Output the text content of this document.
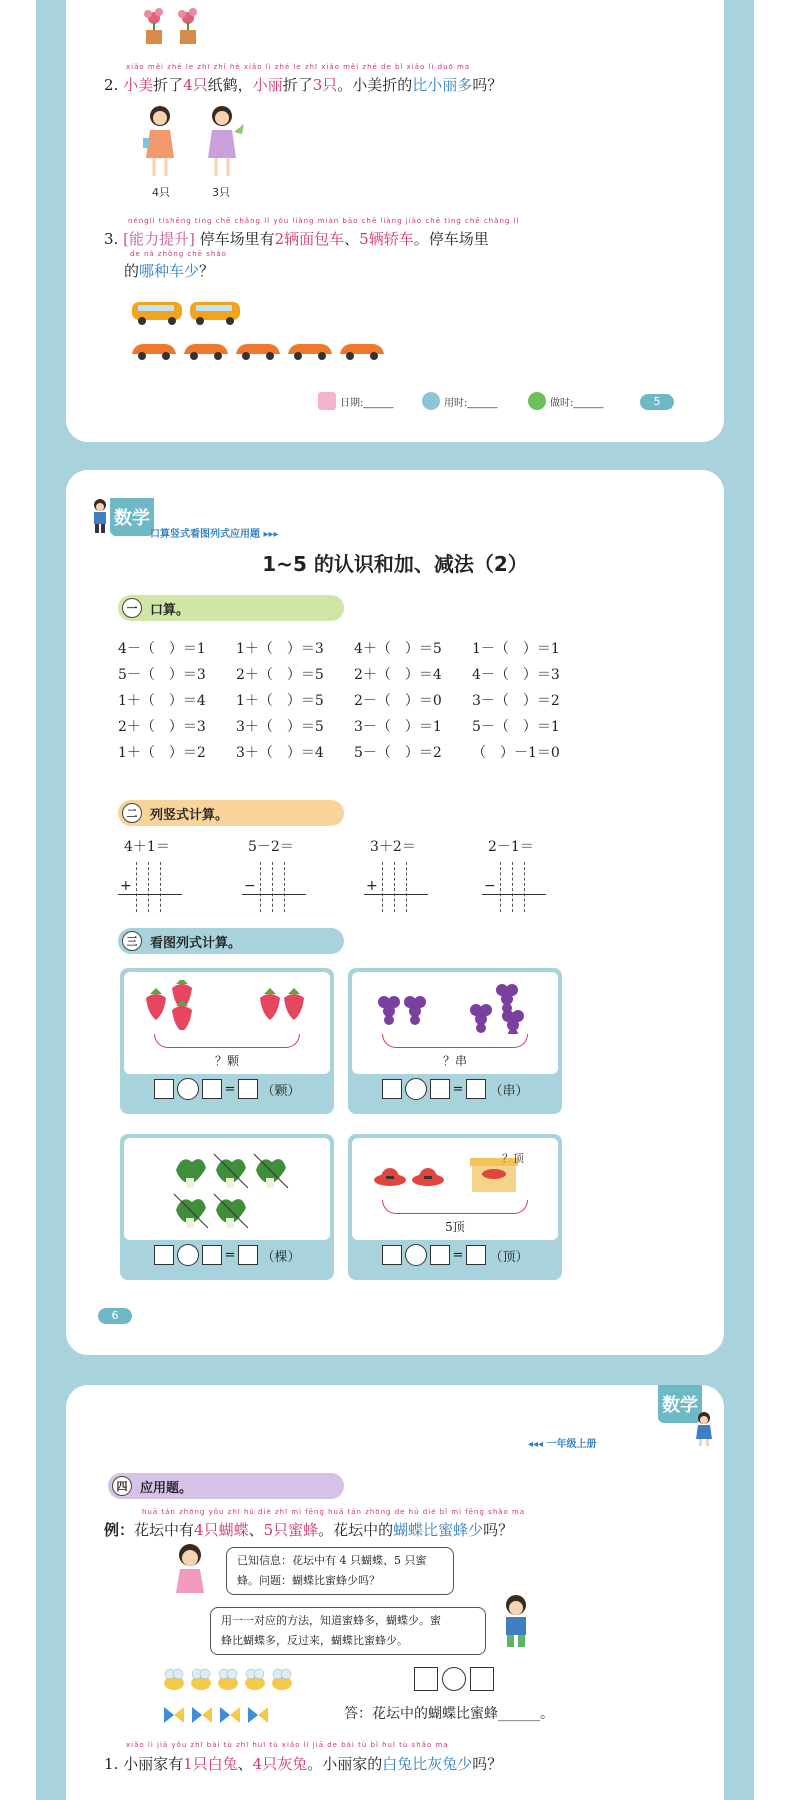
xiǎo měi zhé le zhī zhǐ hè xiǎo lì zhé le zhī xiǎo měi zhé de bǐ xiǎo lì duō ma
2. 小美折了4只纸鹤，小丽折了3只。小美折的比小丽多吗？
4只	3只
nénglì tíshēng tíng chē chǎng lǐ yǒu liǎng miàn bāo chē liàng jiào chē tíng chē chǎng lǐ
3. [能力提升] 停车场里有2辆面包车、5辆轿车。停车场里
de nǎ zhǒng chē shǎo
的哪种车少？
日期:______	用时:______	做时:______	5
数学
口算竖式看图列式应用题 ▸▸▸
1~5 的认识和加、减法（2）
一 口算。
4－（　）＝1 1＋（　）＝3 4＋（　）＝5 1－（　）＝1
5－（　）＝3 2＋（　）＝5 2＋（　）＝4 4－（　）＝3
1＋（　）＝4 1＋（　）＝5 2－（　）＝0 3－（　）＝2
2＋（　）＝3 3＋（　）＝5 3－（　）＝1 5－（　）＝1
1＋（　）＝2 3＋（　）＝4 5－（　）＝2 （　）－1＝0
二 列竖式计算。
4＋1＝
+
5－2＝
−
3＋2＝
+
2－1＝
−
三 看图列式计算。
？颗
= （颗）
？串
= （串）
= （棵）
？顶
5顶
= （顶）
6
◂◂◂ 一年级上册
数学
四 应用题。
huā tán zhōng yǒu zhī hú dié zhī mì fēng huā tán zhōng de hú dié bǐ mì fēng shǎo ma
例：花坛中有4只蝴蝶、5只蜜蜂。花坛中的蝴蝶比蜜蜂少吗？
已知信息：花坛中有 4 只蝴蝶、5 只蜜
蜂。问题：蝴蝶比蜜蜂少吗？
用一一对应的方法，知道蜜蜂多，蝴蝶少。蜜
蜂比蝴蝶多，反过来，蝴蝶比蜜蜂少。
答：花坛中的蝴蝶比蜜蜂______。
xiǎo lì jiā yǒu zhī bái tù zhī huī tù xiǎo lì jiā de bái tù bǐ huī tù shǎo ma
1. 小丽家有1只白兔、4只灰兔。小丽家的白兔比灰兔少吗？
